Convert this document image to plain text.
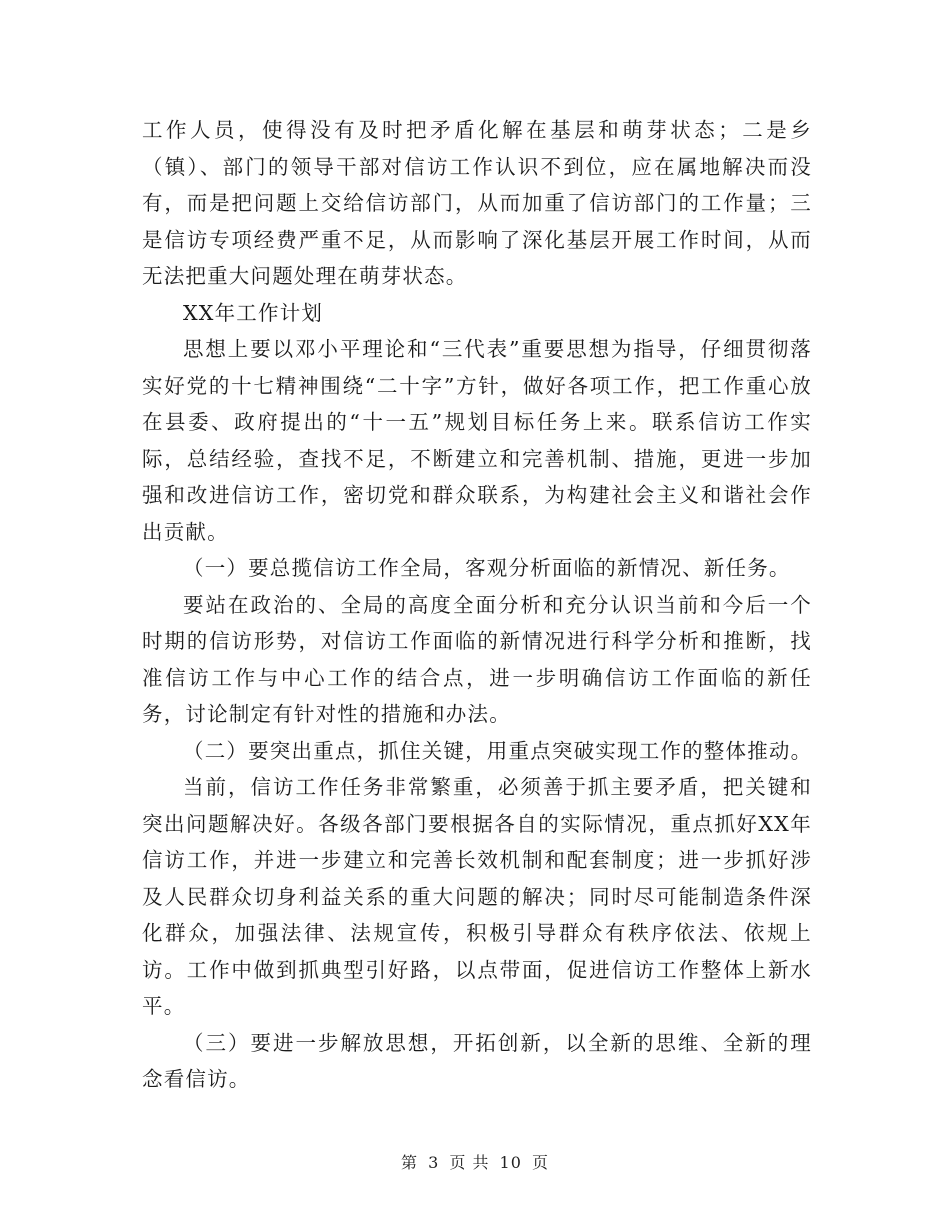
工作人员，使得没有及时把矛盾化解在基层和萌芽状态；二是乡（镇）、部门的领导干部对信访工作认识不到位，应在属地解决而没有，而是把问题上交给信访部门，从而加重了信访部门的工作量；三是信访专项经费严重不足，从而影响了深化基层开展工作时间，从而无法把重大问题处理在萌芽状态。

XX年工作计划

思想上要以邓小平理论和“三代表”重要思想为指导，仔细贯彻落实好党的十七精神围绕“二十字”方针，做好各项工作，把工作重心放在县委、政府提出的“十一五”规划目标任务上来。联系信访工作实际，总结经验，查找不足，不断建立和完善机制、措施，更进一步加强和改进信访工作，密切党和群众联系，为构建社会主义和谐社会作出贡献。

（一）要总揽信访工作全局，客观分析面临的新情况、新任务。

要站在政治的、全局的高度全面分析和充分认识当前和今后一个时期的信访形势，对信访工作面临的新情况进行科学分析和推断，找准信访工作与中心工作的结合点，进一步明确信访工作面临的新任务，讨论制定有针对性的措施和办法。

（二）要突出重点，抓住关键，用重点突破实现工作的整体推动。

当前，信访工作任务非常繁重，必须善于抓主要矛盾，把关键和突出问题解决好。各级各部门要根据各自的实际情况，重点抓好XX年信访工作，并进一步建立和完善长效机制和配套制度；进一步抓好涉及人民群众切身利益关系的重大问题的解决；同时尽可能制造条件深化群众，加强法律、法规宣传，积极引导群众有秩序依法、依规上访。工作中做到抓典型引好路，以点带面，促进信访工作整体上新水平。

（三）要进一步解放思想，开拓创新，以全新的思维、全新的理念看信访。

第 3 页 共 10 页
